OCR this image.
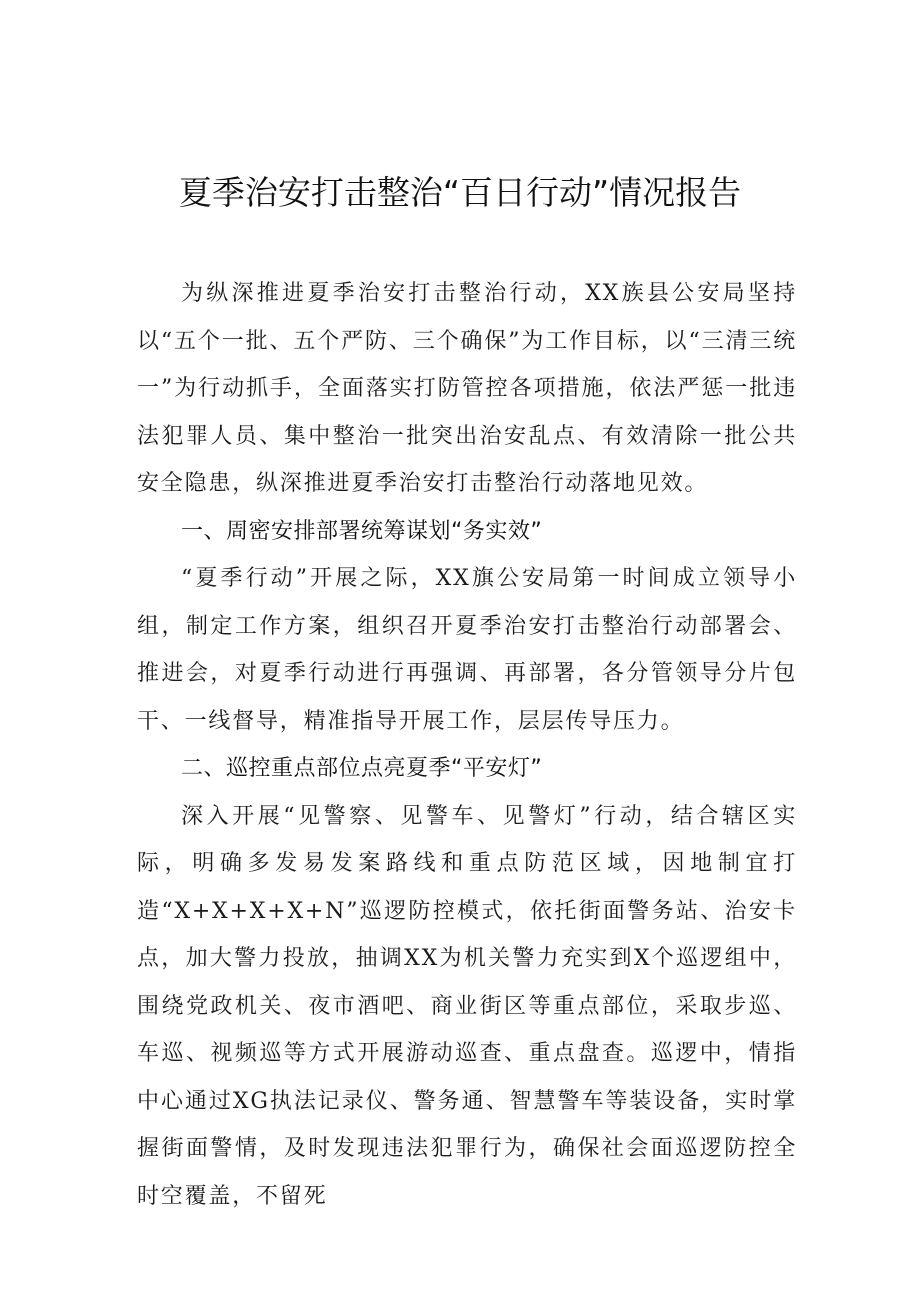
夏季治安打击整治“百日行动”情况报告

为纵深推进夏季治安打击整治行动，XX族县公安局坚持以“五个一批、五个严防、三个确保”为工作目标，以“三清三统一”为行动抓手，全面落实打防管控各项措施，依法严惩一批违法犯罪人员、集中整治一批突出治安乱点、有效清除一批公共安全隐患，纵深推进夏季治安打击整治行动落地见效。

一、周密安排部署统筹谋划“务实效”

“夏季行动”开展之际，XX旗公安局第一时间成立领导小组，制定工作方案，组织召开夏季治安打击整治行动部署会、推进会，对夏季行动进行再强调、再部署，各分管领导分片包干、一线督导，精准指导开展工作，层层传导压力。

二、巡控重点部位点亮夏季“平安灯”

深入开展“见警察、见警车、见警灯”行动，结合辖区实际，明确多发易发案路线和重点防范区域，因地制宜打造“X+X+X+X+N”巡逻防控模式，依托街面警务站、治安卡点，加大警力投放，抽调XX为机关警力充实到X个巡逻组中，围绕党政机关、夜市酒吧、商业街区等重点部位，采取步巡、车巡、视频巡等方式开展游动巡查、重点盘查。巡逻中，情指中心通过XG执法记录仪、警务通、智慧警车等装设备，实时掌握街面警情，及时发现违法犯罪行为，确保社会面巡逻防控全时空覆盖，不留死
